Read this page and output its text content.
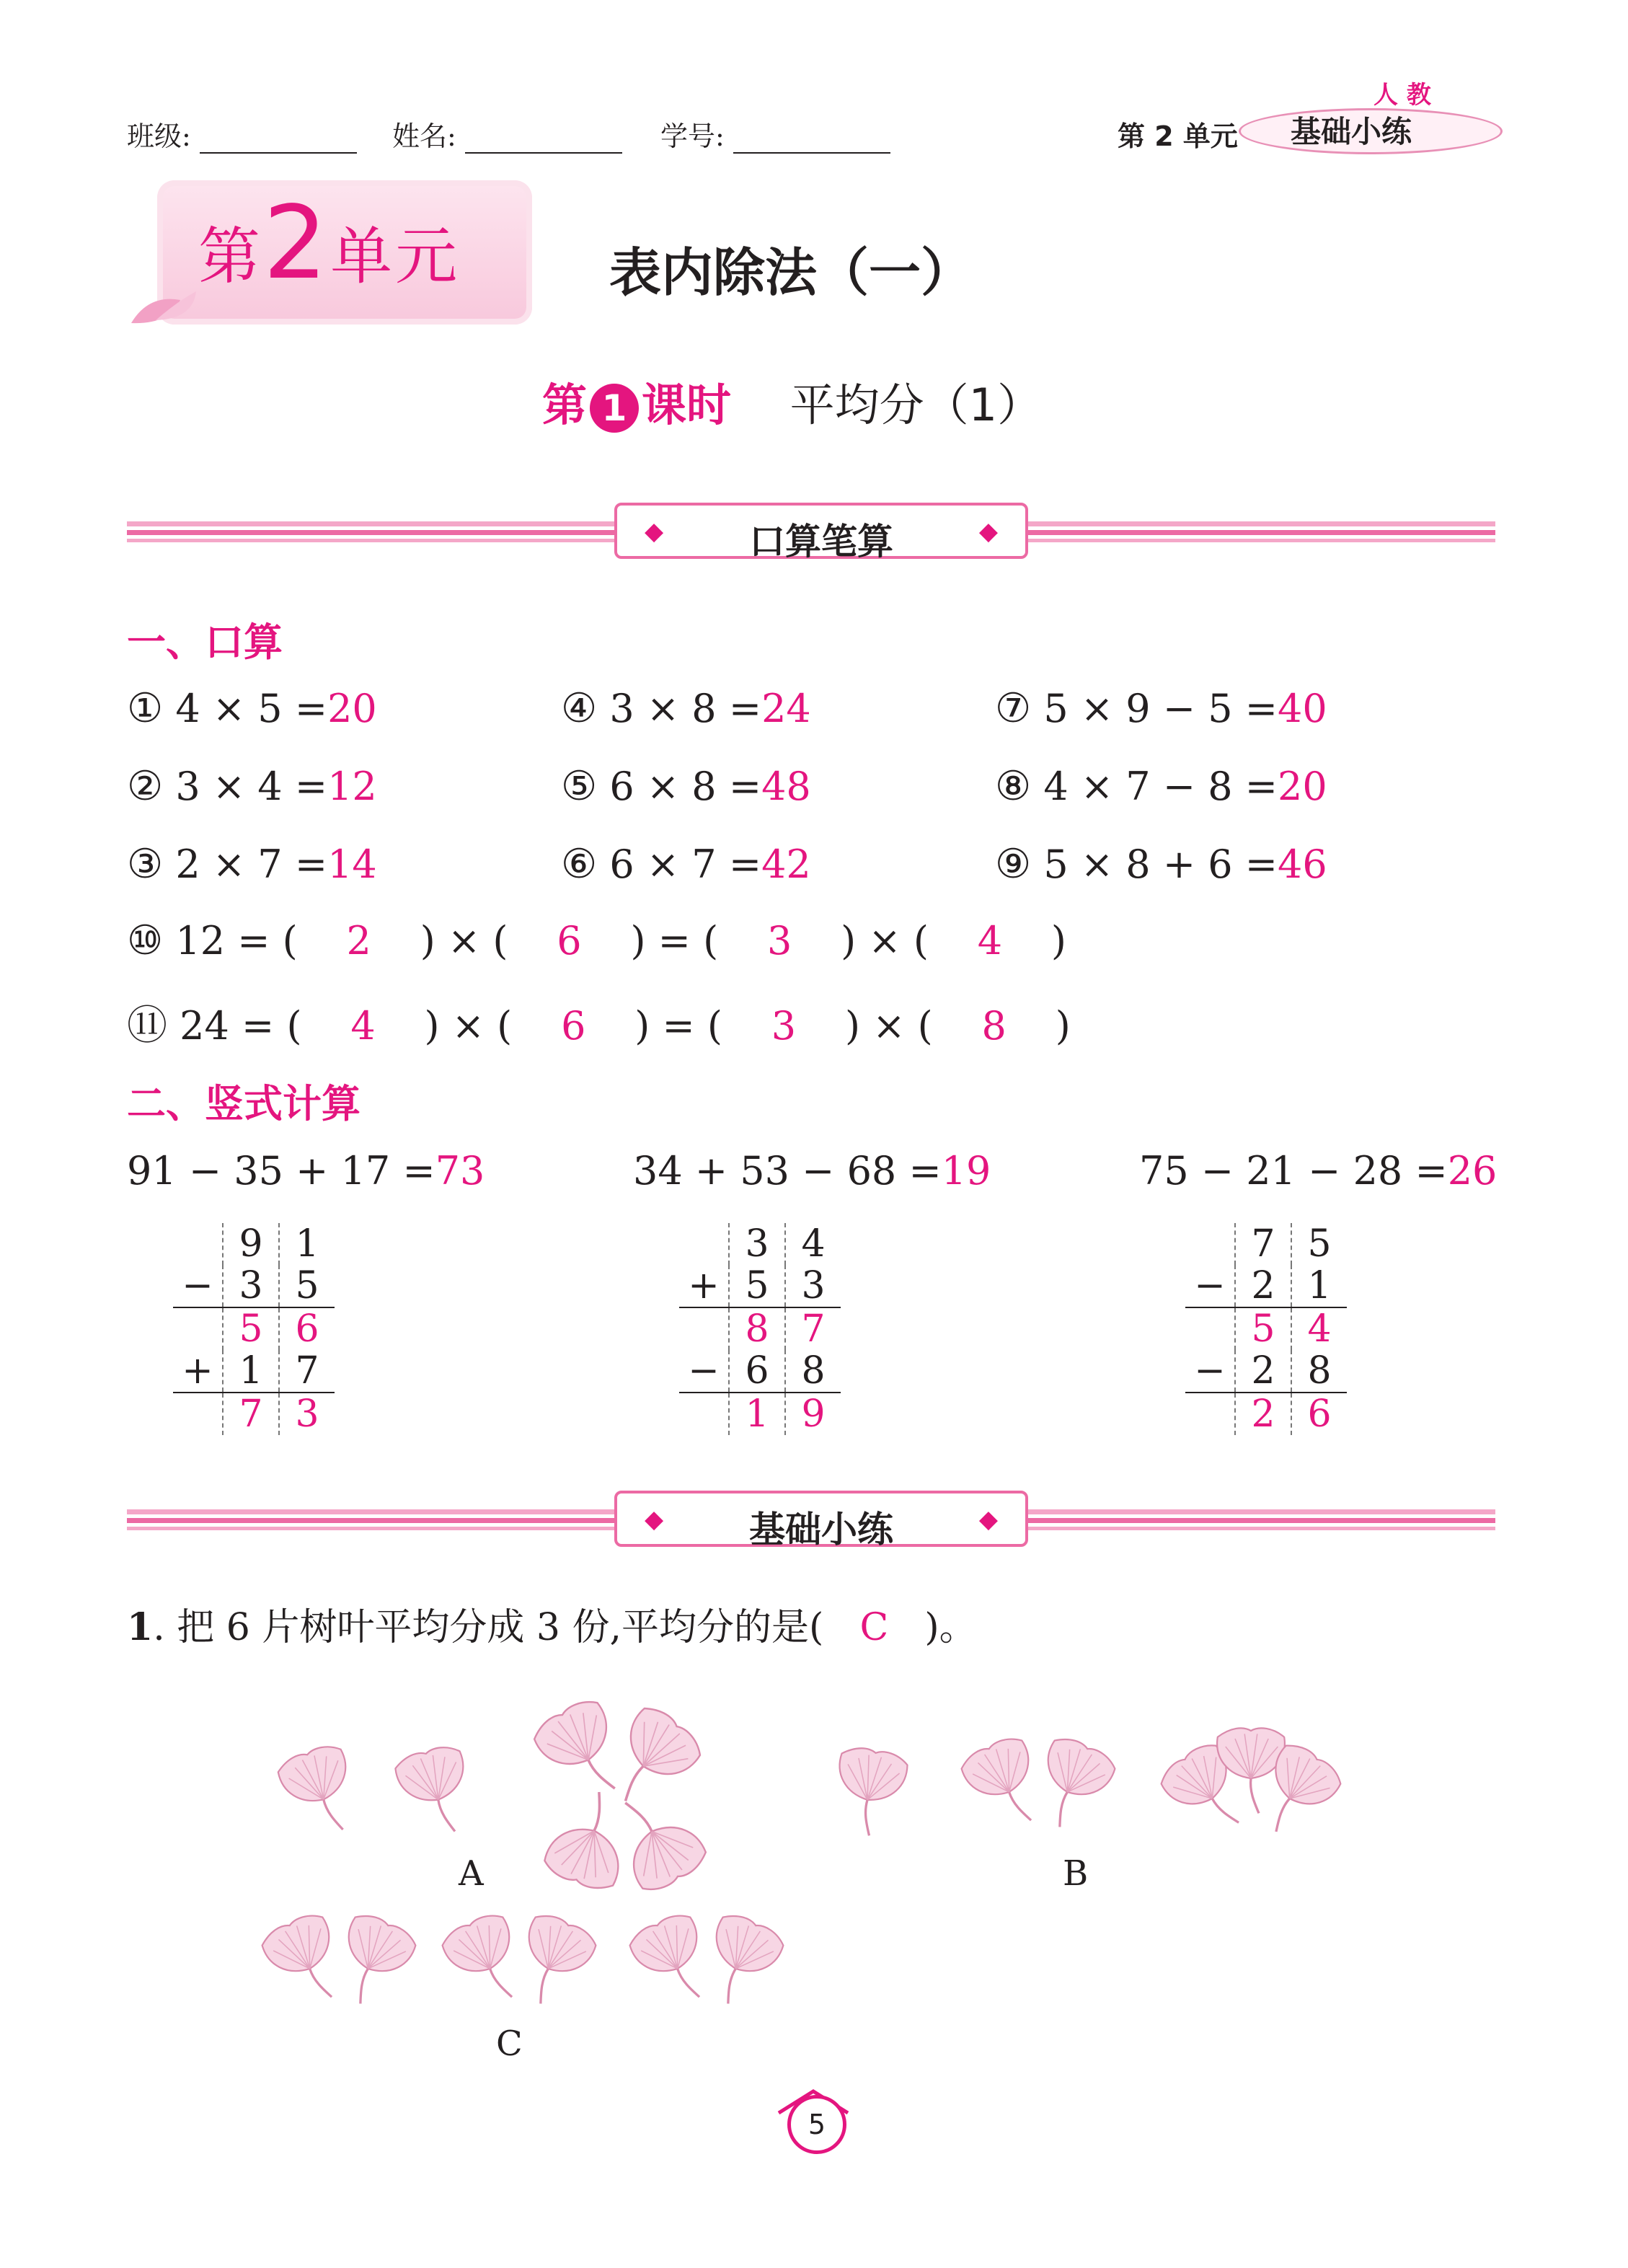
班级:	姓名:	学号:	第 2 单元
人 教
基础小练
第2单元	表内除法（一）
第 1 课时 平均分（1）
◆	口算笔算	◆
一、口算
① 4 × 5 =20
② 3 × 4 =12
③ 2 × 7 =14
④ 3 × 8 =24
⑤ 6 × 8 =48
⑥ 6 × 7 =42
⑦ 5 × 9 − 5 =40
⑧ 4 × 7 − 8 =20
⑨ 5 × 8 + 6 =46
⑩ 12 = ( 2 ) × ( 6 ) = ( 3 ) × ( 4 )
⑪ 24 = ( 4 ) × ( 6 ) = ( 3 ) × ( 8 )
二、竖式计算
91 − 35 + 17 =73	34 + 53 − 68 =19	75 − 21 − 28 =26
	9	1
−	3	5
	5	6
+	1	7
	7	3
	3	4
+	5	3
	8	7
−	6	8
	1	9
	7	5
−	2	1
	5	4
−	2	8
	2	6
◆	基础小练	◆
1. 把 6 片树叶平均分成 3 份,平均分的是( C )。
A	B
C
5
